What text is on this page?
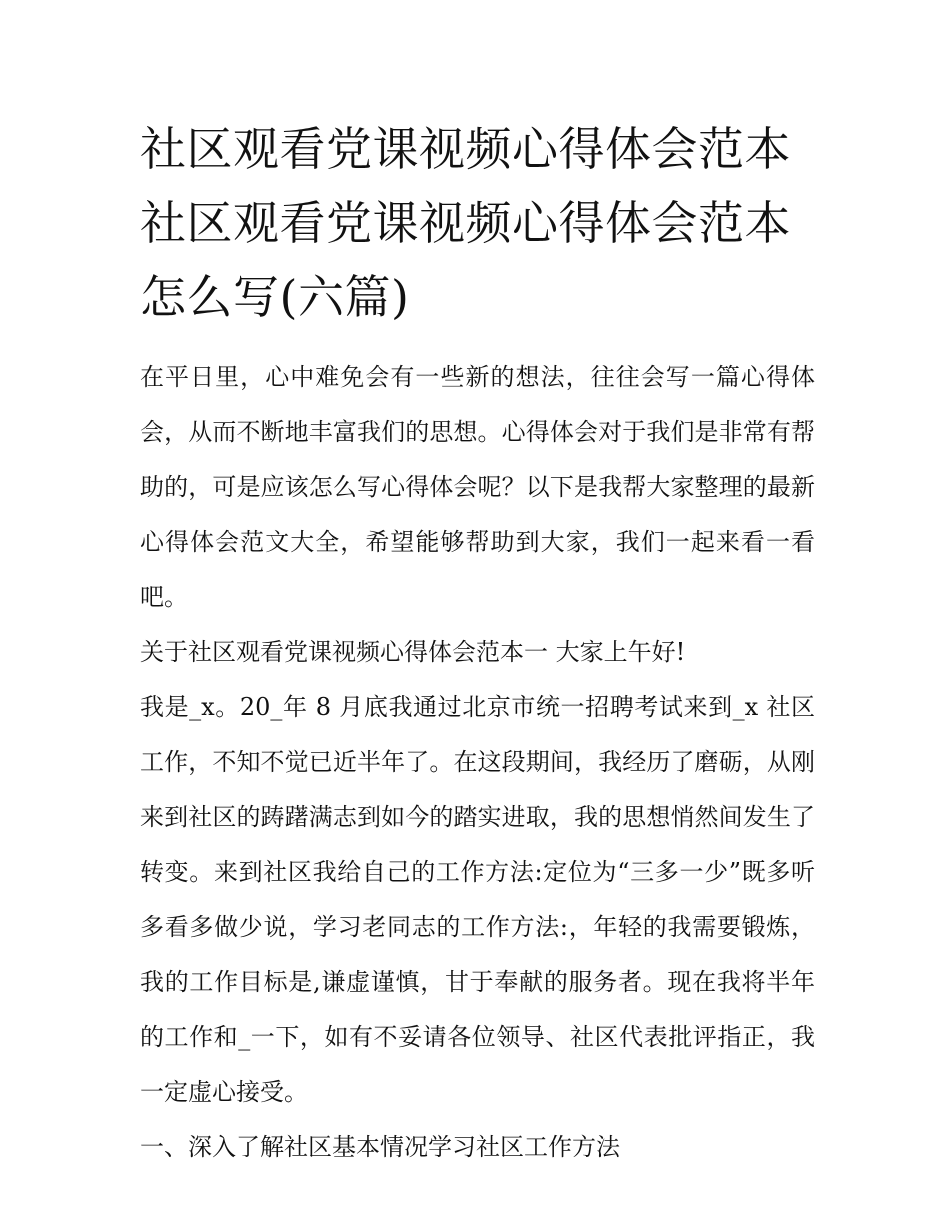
社区观看党课视频心得体会范本 社区观看党课视频心得体会范本怎么写(六篇)

在平日里，心中难免会有一些新的想法，往往会写一篇心得体会，从而不断地丰富我们的思想。心得体会对于我们是非常有帮助的，可是应该怎么写心得体会呢？以下是我帮大家整理的最新心得体会范文大全，希望能够帮助到大家，我们一起来看一看吧。

关于社区观看党课视频心得体会范本一 大家上午好!

我是_x。20_年 8 月底我通过北京市统一招聘考试来到_x 社区工作，不知不觉已近半年了。在这段期间，我经历了磨砺，从刚来到社区的踌躇满志到如今的踏实进取，我的思想悄然间发生了转变。来到社区我给自己的工作方法:定位为“三多一少”既多听多看多做少说，学习老同志的工作方法:，年轻的我需要锻炼，我的工作目标是,谦虚谨慎，甘于奉献的服务者。现在我将半年的工作和_一下，如有不妥请各位领导、社区代表批评指正，我一定虚心接受。

一、深入了解社区基本情况学习社区工作方法
